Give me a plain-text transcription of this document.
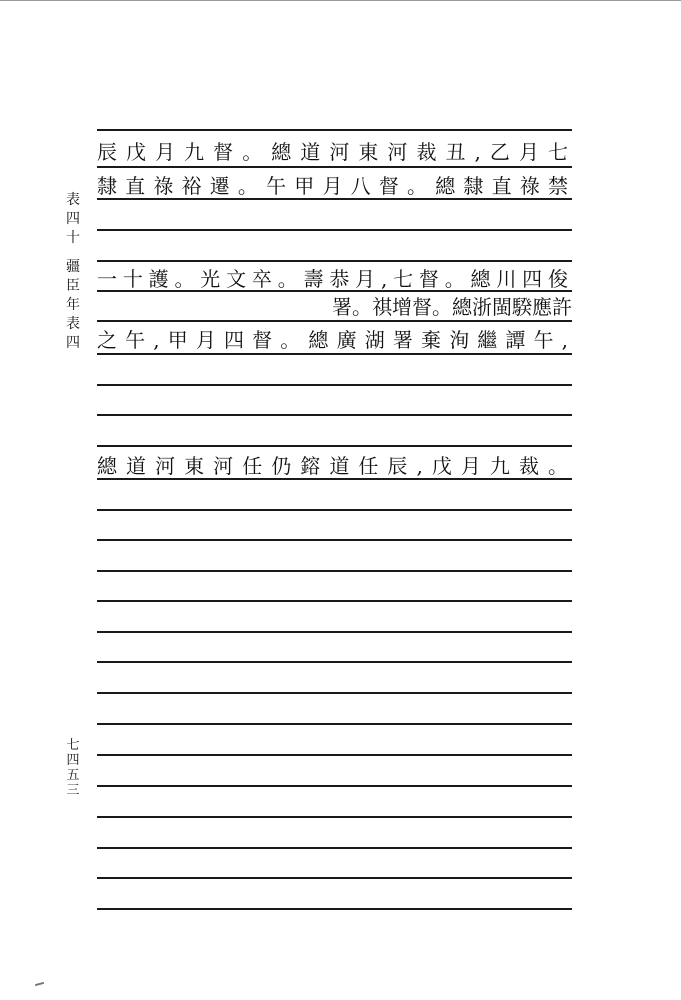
表四十
疆臣年表四
辰戊月九督。總道河東河裁丑,乙月七
隸直祿裕遷。午甲月八督。總隸直祿禁
一十護。光文卒。壽恭月,七督。總川四俊
署。祺增督。總浙閩騤應許
之午,甲月四督。總廣湖署棄洵繼譚午,
總道河東河任仍鎔道任辰,戊月九裁。
七四五三
